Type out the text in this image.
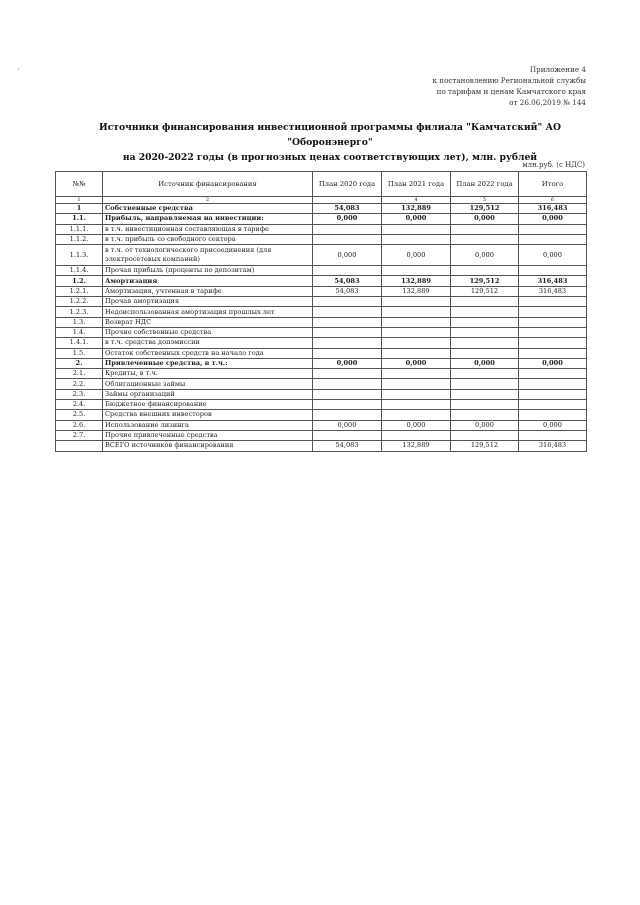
Приложение 4
к постановлению Региональной службы
по тарифам и ценам Камчатского края
от 26.06.2019 № 144
Источники финансирования инвестиционной программы филиала "Камчатский" АО "Оборонэнерго"
на 2020-2022 годы (в прогнозных ценах соответствующих лет), млн. рублей
млн.руб. (с НДС)
№№	Источник финансирования	План 2020 года	План 2021 года	План 2022 года	Итого
1	2		4	5	6
1	Собственные средства	54,083	132,889	129,512	316,483
1.1.	Прибыль, направляемая на инвестиции:	0,000	0,000	0,000	0,000
1.1.1.	в т.ч. инвестиционная составляющая в тарифе				
1.1.2.	в т.ч. прибыль со свободного сектора				
1.1.3.	в т.ч. от технологического присоединения (для электросетевых компаний)	0,000	0,000	0,000	0,000
1.1.4.	Прочая прибыль (проценты по депозитам)				
1.2.	Амортизация	54,083	132,889	129,512	316,483
1.2.1.	Амортизация, учтенная в тарифе	54,083	132,889	129,512	316,483
1.2.2.	Прочая амортизация				
1.2.3.	Недоиспользованная амортизация прошлых лет				
1.3.	Возврат НДС				
1.4.	Прочие собственные средства				
1.4.1.	в т.ч. средства допэмиссии				
1.5.	Остаток собственных средств на начало года				
2.	Привлеченные средства, в т.ч.:	0,000	0,000	0,000	0,000
2.1.	Кредиты, в т.ч.				
2.2.	Облигационные займы				
2.3.	Займы организаций				
2.4.	Бюджетное финансирование				
2.5.	Средства внешних инвесторов				
2.6.	Использование лизинга	0,000	0,000	0,000	0,000
2.7.	Прочие привлеченные средства				
	ВСЕГО источников финансирования	54,083	132,889	129,512	316,483
